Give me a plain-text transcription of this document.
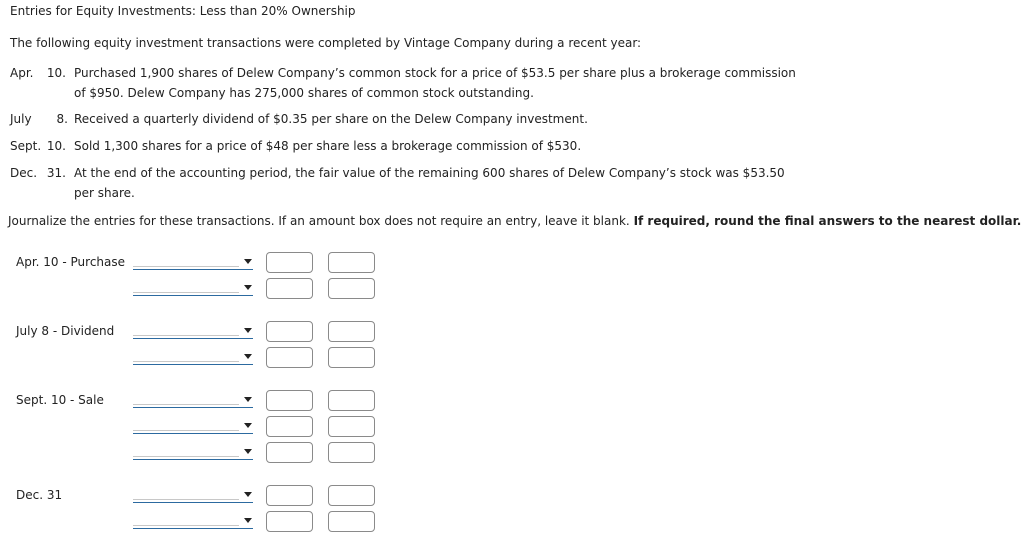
Entries for Equity Investments: Less than 20% Ownership
The following equity investment transactions were completed by Vintage Company during a recent year:
Apr. 10. Purchased 1,900 shares of Delew Company’s common stock for a price of $53.5 per share plus a brokerage commission
of $950. Delew Company has 275,000 shares of common stock outstanding.
July	8. Received a quarterly dividend of $0.35 per share on the Delew Company investment.
Sept. 10. Sold 1,300 shares for a price of $48 per share less a brokerage commission of $530.
Dec. 31. At the end of the accounting period, the fair value of the remaining 600 shares of Delew Company’s stock was $53.50
per share.
Journalize the entries for these transactions. If an amount box does not require an entry, leave it blank. If required, round the final answers to the nearest dollar.
Apr. 10 - Purchase
July 8 - Dividend
Sept. 10 - Sale
Dec. 31
